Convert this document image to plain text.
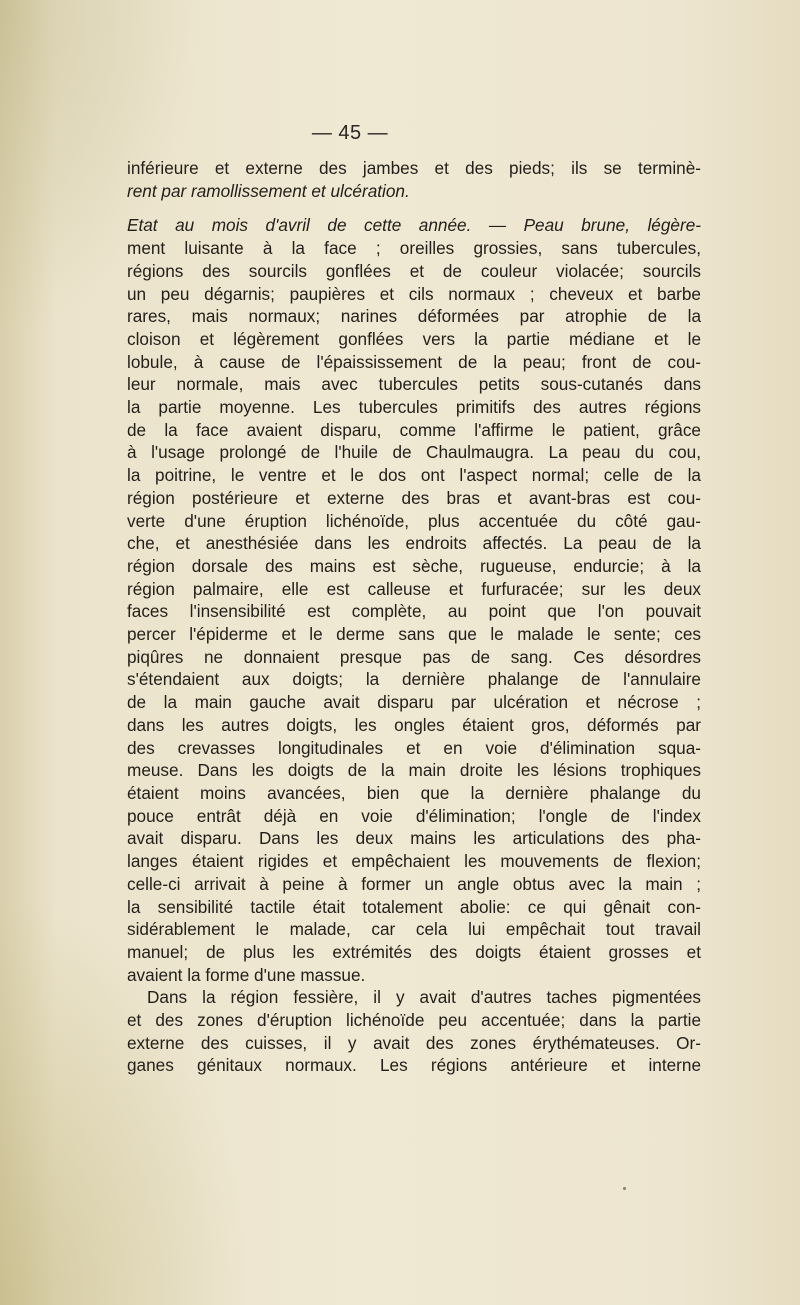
— 45 —

inférieure et externe des jambes et des pieds; ils se terminè-
rent par ramollissement et ulcération.

Etat au mois d'avril de cette année. — Peau brune, légère-
ment luisante à la face ; oreilles grossies, sans tubercules,
régions des sourcils gonflées et de couleur violacée; sourcils
un peu dégarnis; paupières et cils normaux ; cheveux et barbe
rares, mais normaux; narines déformées par atrophie de la
cloison et légèrement gonflées vers la partie médiane et le
lobule, à cause de l'épaississement de la peau; front de cou-
leur normale, mais avec tubercules petits sous-cutanés dans
la partie moyenne. Les tubercules primitifs des autres régions
de la face avaient disparu, comme l'affirme le patient, grâce
à l'usage prolongé de l'huile de Chaulmaugra. La peau du cou,
la poitrine, le ventre et le dos ont l'aspect normal; celle de la
région postérieure et externe des bras et avant-bras est cou-
verte d'une éruption lichénoïde, plus accentuée du côté gau-
che, et anesthésiée dans les endroits affectés. La peau de la
région dorsale des mains est sèche, rugueuse, endurcie; à la
région palmaire, elle est calleuse et furfuracée; sur les deux
faces l'insensibilité est complète, au point que l'on pouvait
percer l'épiderme et le derme sans que le malade le sente; ces
piqûres ne donnaient presque pas de sang. Ces désordres
s'étendaient aux doigts; la dernière phalange de l'annulaire
de la main gauche avait disparu par ulcération et nécrose ;
dans les autres doigts, les ongles étaient gros, déformés par
des crevasses longitudinales et en voie d'élimination squa-
meuse. Dans les doigts de la main droite les lésions trophiques
étaient moins avancées, bien que la dernière phalange du
pouce entrât déjà en voie d'élimination; l'ongle de l'index
avait disparu. Dans les deux mains les articulations des pha-
langes étaient rigides et empêchaient les mouvements de flexion;
celle-ci arrivait à peine à former un angle obtus avec la main ;
la sensibilité tactile était totalement abolie: ce qui gênait con-
sidérablement le malade, car cela lui empêchait tout travail
manuel; de plus les extrémités des doigts étaient grosses et
avaient la forme d'une massue.

Dans la région fessière, il y avait d'autres taches pigmentées
et des zones d'éruption lichénoïde peu accentuée; dans la partie
externe des cuisses, il y avait des zones érythémateuses. Or-
ganes génitaux normaux. Les régions antérieure et interne
